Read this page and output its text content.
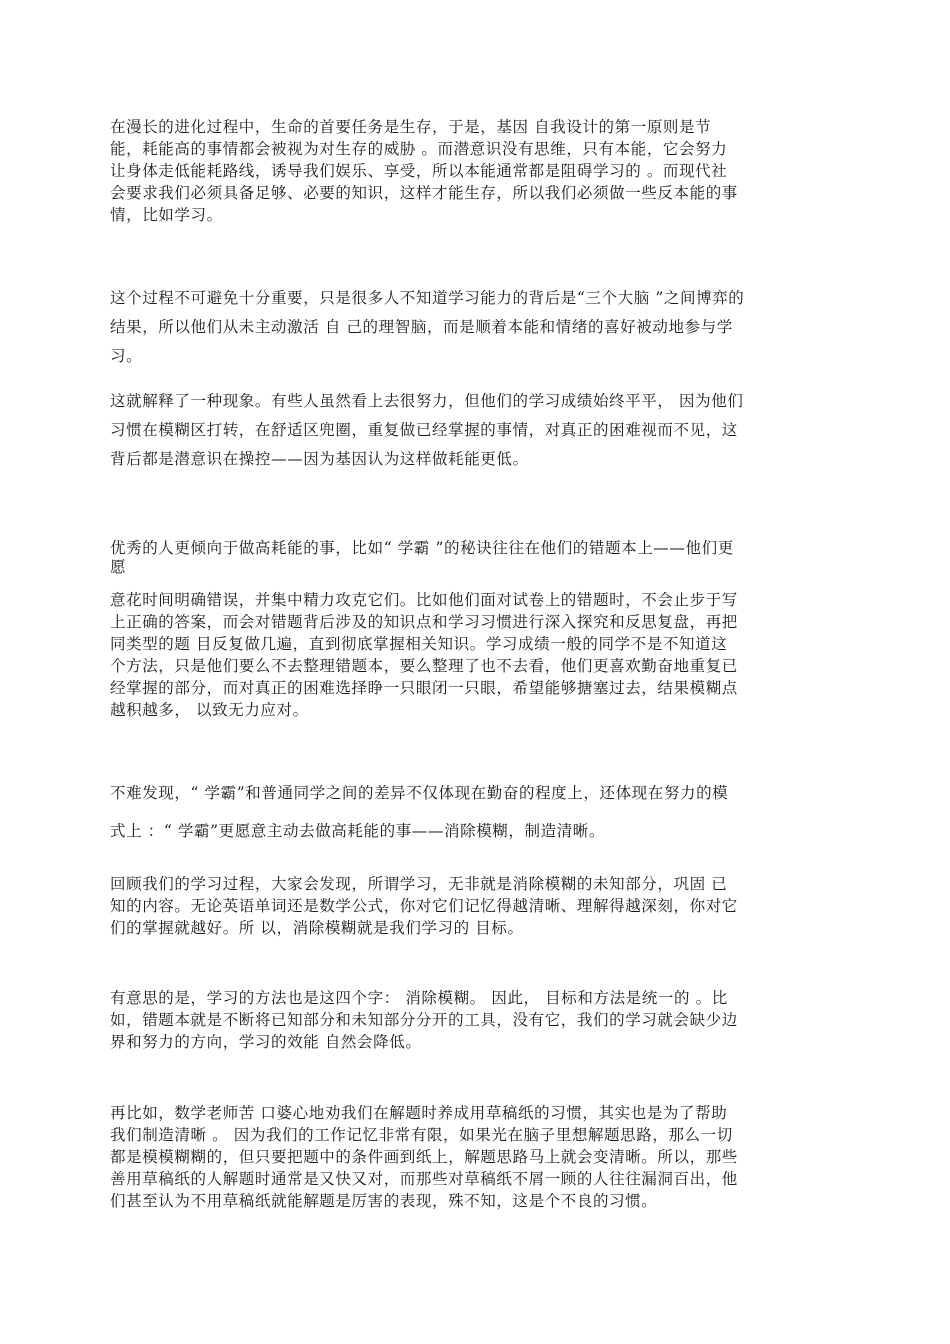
在漫长的进化过程中，生命的首要任务是生存，于是，基因 自我设计的第一原则是节
能，耗能高的事情都会被视为对生存的威胁 。而潜意识没有思维，只有本能，它会努力
让身体走低能耗路线，诱导我们娱乐、享受，所以本能通常都是阻碍学习的 。而现代社
会要求我们必须具备足够、必要的知识，这样才能生存，所以我们必须做一些反本能的事
情，比如学习。
这个过程不可避免十分重要，只是很多人不知道学习能力的背后是“三个大脑 ”之间博弈的
结果，所以他们从未主动激活 自 己的理智脑，而是顺着本能和情绪的喜好被动地参与学
习。
这就解释了一种现象。有些人虽然看上去很努力，但他们的学习成绩始终平平， 因为他们
习惯在模糊区打转，在舒适区兜圈，重复做已经掌握的事情，对真正的困难视而不见，这
背后都是潜意识在操控——因为基因认为这样做耗能更低。
优秀的人更倾向于做高耗能的事，比如“ 学霸 ”的秘诀往往在他们的错题本上——他们更
愿
意花时间明确错误，并集中精力攻克它们。比如他们面对试卷上的错题时，不会止步于写
上正确的答案，而会对错题背后涉及的知识点和学习习惯进行深入探究和反思复盘，再把
同类型的题 目反复做几遍，直到彻底掌握相关知识。学习成绩一般的同学不是不知道这
个方法，只是他们要么不去整理错题本，要么整理了也不去看，他们更喜欢勤奋地重复已
经掌握的部分，而对真正的困难选择睁一只眼闭一只眼，希望能够搪塞过去，结果模糊点
越积越多， 以致无力应对。
不难发现，“ 学霸”和普通同学之间的差异不仅体现在勤奋的程度上，还体现在努力的模
式上 ：“ 学霸”更愿意主动去做高耗能的事——消除模糊，制造清晰。
回顾我们的学习过程，大家会发现，所谓学习，无非就是消除模糊的未知部分，巩固 已
知的内容。无论英语单词还是数学公式，你对它们记忆得越清晰、理解得越深刻，你对它
们的掌握就越好。所 以，消除模糊就是我们学习的 目标。
有意思的是，学习的方法也是这四个字： 消除模糊。 因此， 目标和方法是统一的 。比
如，错题本就是不断将已知部分和未知部分分开的工具，没有它，我们的学习就会缺少边
界和努力的方向，学习的效能 自然会降低。
再比如，数学老师苦 口婆心地劝我们在解题时养成用草稿纸的习惯，其实也是为了帮助
我们制造清晰 。 因为我们的工作记忆非常有限，如果光在脑子里想解题思路，那么一切
都是模模糊糊的，但只要把题中的条件画到纸上，解题思路马上就会变清晰。所以，那些
善用草稿纸的人解题时通常是又快又对，而那些对草稿纸不屑一顾的人往往漏洞百出，他
们甚至认为不用草稿纸就能解题是厉害的表现，殊不知，这是个不良的习惯。
